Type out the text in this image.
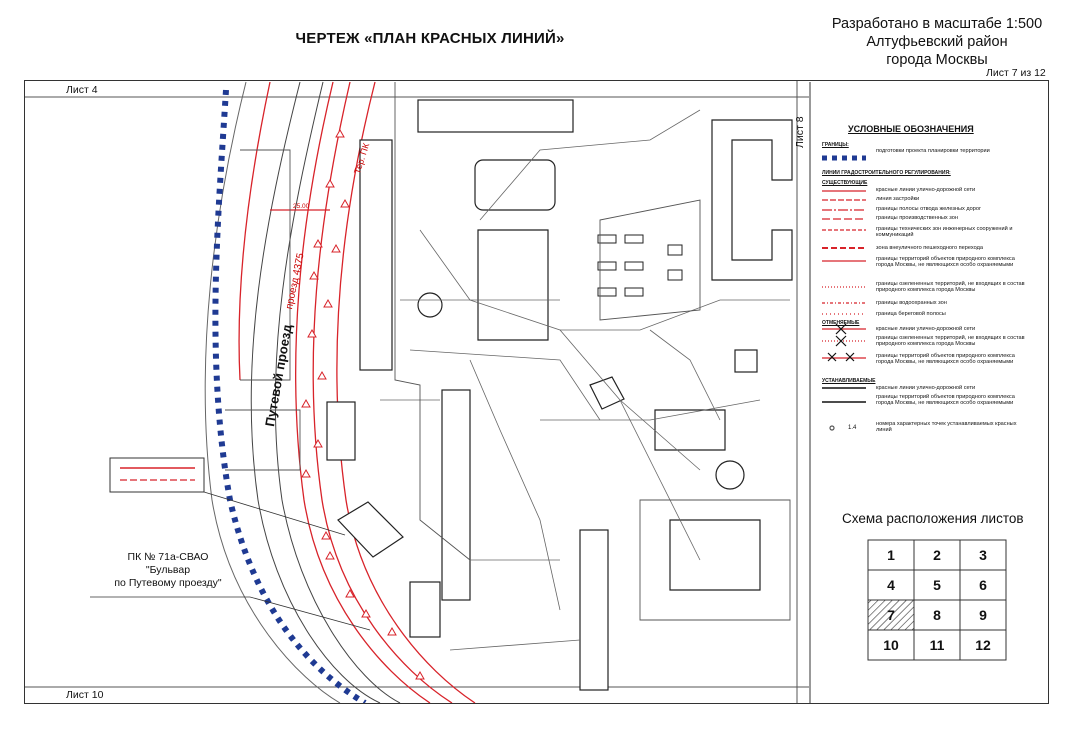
ЧЕРТЕЖ «ПЛАН КРАСНЫХ ЛИНИЙ»
Разработано в масштабе 1:500
Алтуфьевский район
города Москвы
Лист 7 из 12
Лист 4
Лист 10
Лист 8
Путевой проезд
проезд 4375
Тер. ПК
25.00
ПК № 71а-СВАО
"Бульвар
по Путевому проезду"
УСЛОВНЫЕ ОБОЗНАЧЕНИЯ
ГРАНИЦЫ:
подготовки проекта планировки территории
ЛИНИИ ГРАДОСТРОИТЕЛЬНОГО РЕГУЛИРОВАНИЯ:
СУЩЕСТВУЮЩИЕ
красные линии улично-дорожной сети
линия застройки
границы полосы отвода железных дорог
границы производственных зон
границы технических зон инженерных сооружений и коммуникаций
зона внеуличного пешеходного перехода
границы территорий объектов природного комплекса города Москвы, не являющихся особо охраняемыми
границы озелененных территорий, не входящих в состав природного комплекса города Москвы
границы водоохранных зон
граница береговой полосы
ОТМЕНЯЕМЫЕ
красные линии улично-дорожной сети
границы озелененных территорий, не входящих в состав природного комплекса города Москвы
границы территорий объектов природного комплекса города Москвы, не являющихся особо охраняемыми
УСТАНАВЛИВАЕМЫЕ
красные линии улично-дорожной сети
границы территорий объектов природного комплекса города Москвы, не являющихся особо охраняемыми
1.4
номера характерных точек устанавливаемых красных линий
Схема расположения листов
1	2	3
4	5	6
7	8	9
10	11	12
